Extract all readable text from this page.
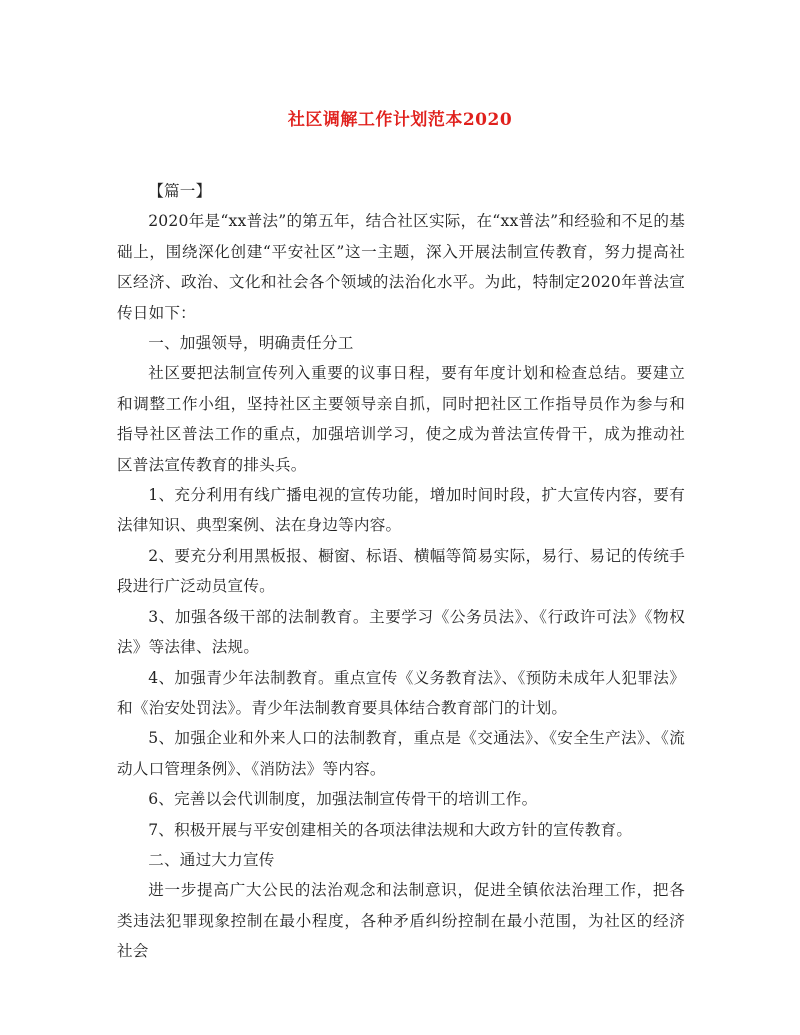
社区调解工作计划范本2020

【篇一】

2020年是“xx普法”的第五年，结合社区实际，在“xx普法”和经验和不足的基础上，围绕深化创建“平安社区”这一主题，深入开展法制宣传教育，努力提高社区经济、政治、文化和社会各个领域的法治化水平。为此，特制定2020年普法宣传日如下：

一、加强领导，明确责任分工

社区要把法制宣传列入重要的议事日程，要有年度计划和检查总结。要建立和调整工作小组，坚持社区主要领导亲自抓，同时把社区工作指导员作为参与和指导社区普法工作的重点，加强培训学习，使之成为普法宣传骨干，成为推动社区普法宣传教育的排头兵。

1、充分利用有线广播电视的宣传功能，增加时间时段，扩大宣传内容，要有法律知识、典型案例、法在身边等内容。

2、要充分利用黑板报、橱窗、标语、横幅等简易实际，易行、易记的传统手段进行广泛动员宣传。

3、加强各级干部的法制教育。主要学习《公务员法》、《行政许可法》《物权法》等法律、法规。

4、加强青少年法制教育。重点宣传《义务教育法》、《预防未成年人犯罪法》和《治安处罚法》。青少年法制教育要具体结合教育部门的计划。

5、加强企业和外来人口的法制教育，重点是《交通法》、《安全生产法》、《流动人口管理条例》、《消防法》等内容。

6、完善以会代训制度，加强法制宣传骨干的培训工作。

7、积极开展与平安创建相关的各项法律法规和大政方针的宣传教育。

二、通过大力宣传

进一步提高广大公民的法治观念和法制意识，促进全镇依法治理工作，把各类违法犯罪现象控制在最小程度，各种矛盾纠纷控制在最小范围，为社区的经济社会
